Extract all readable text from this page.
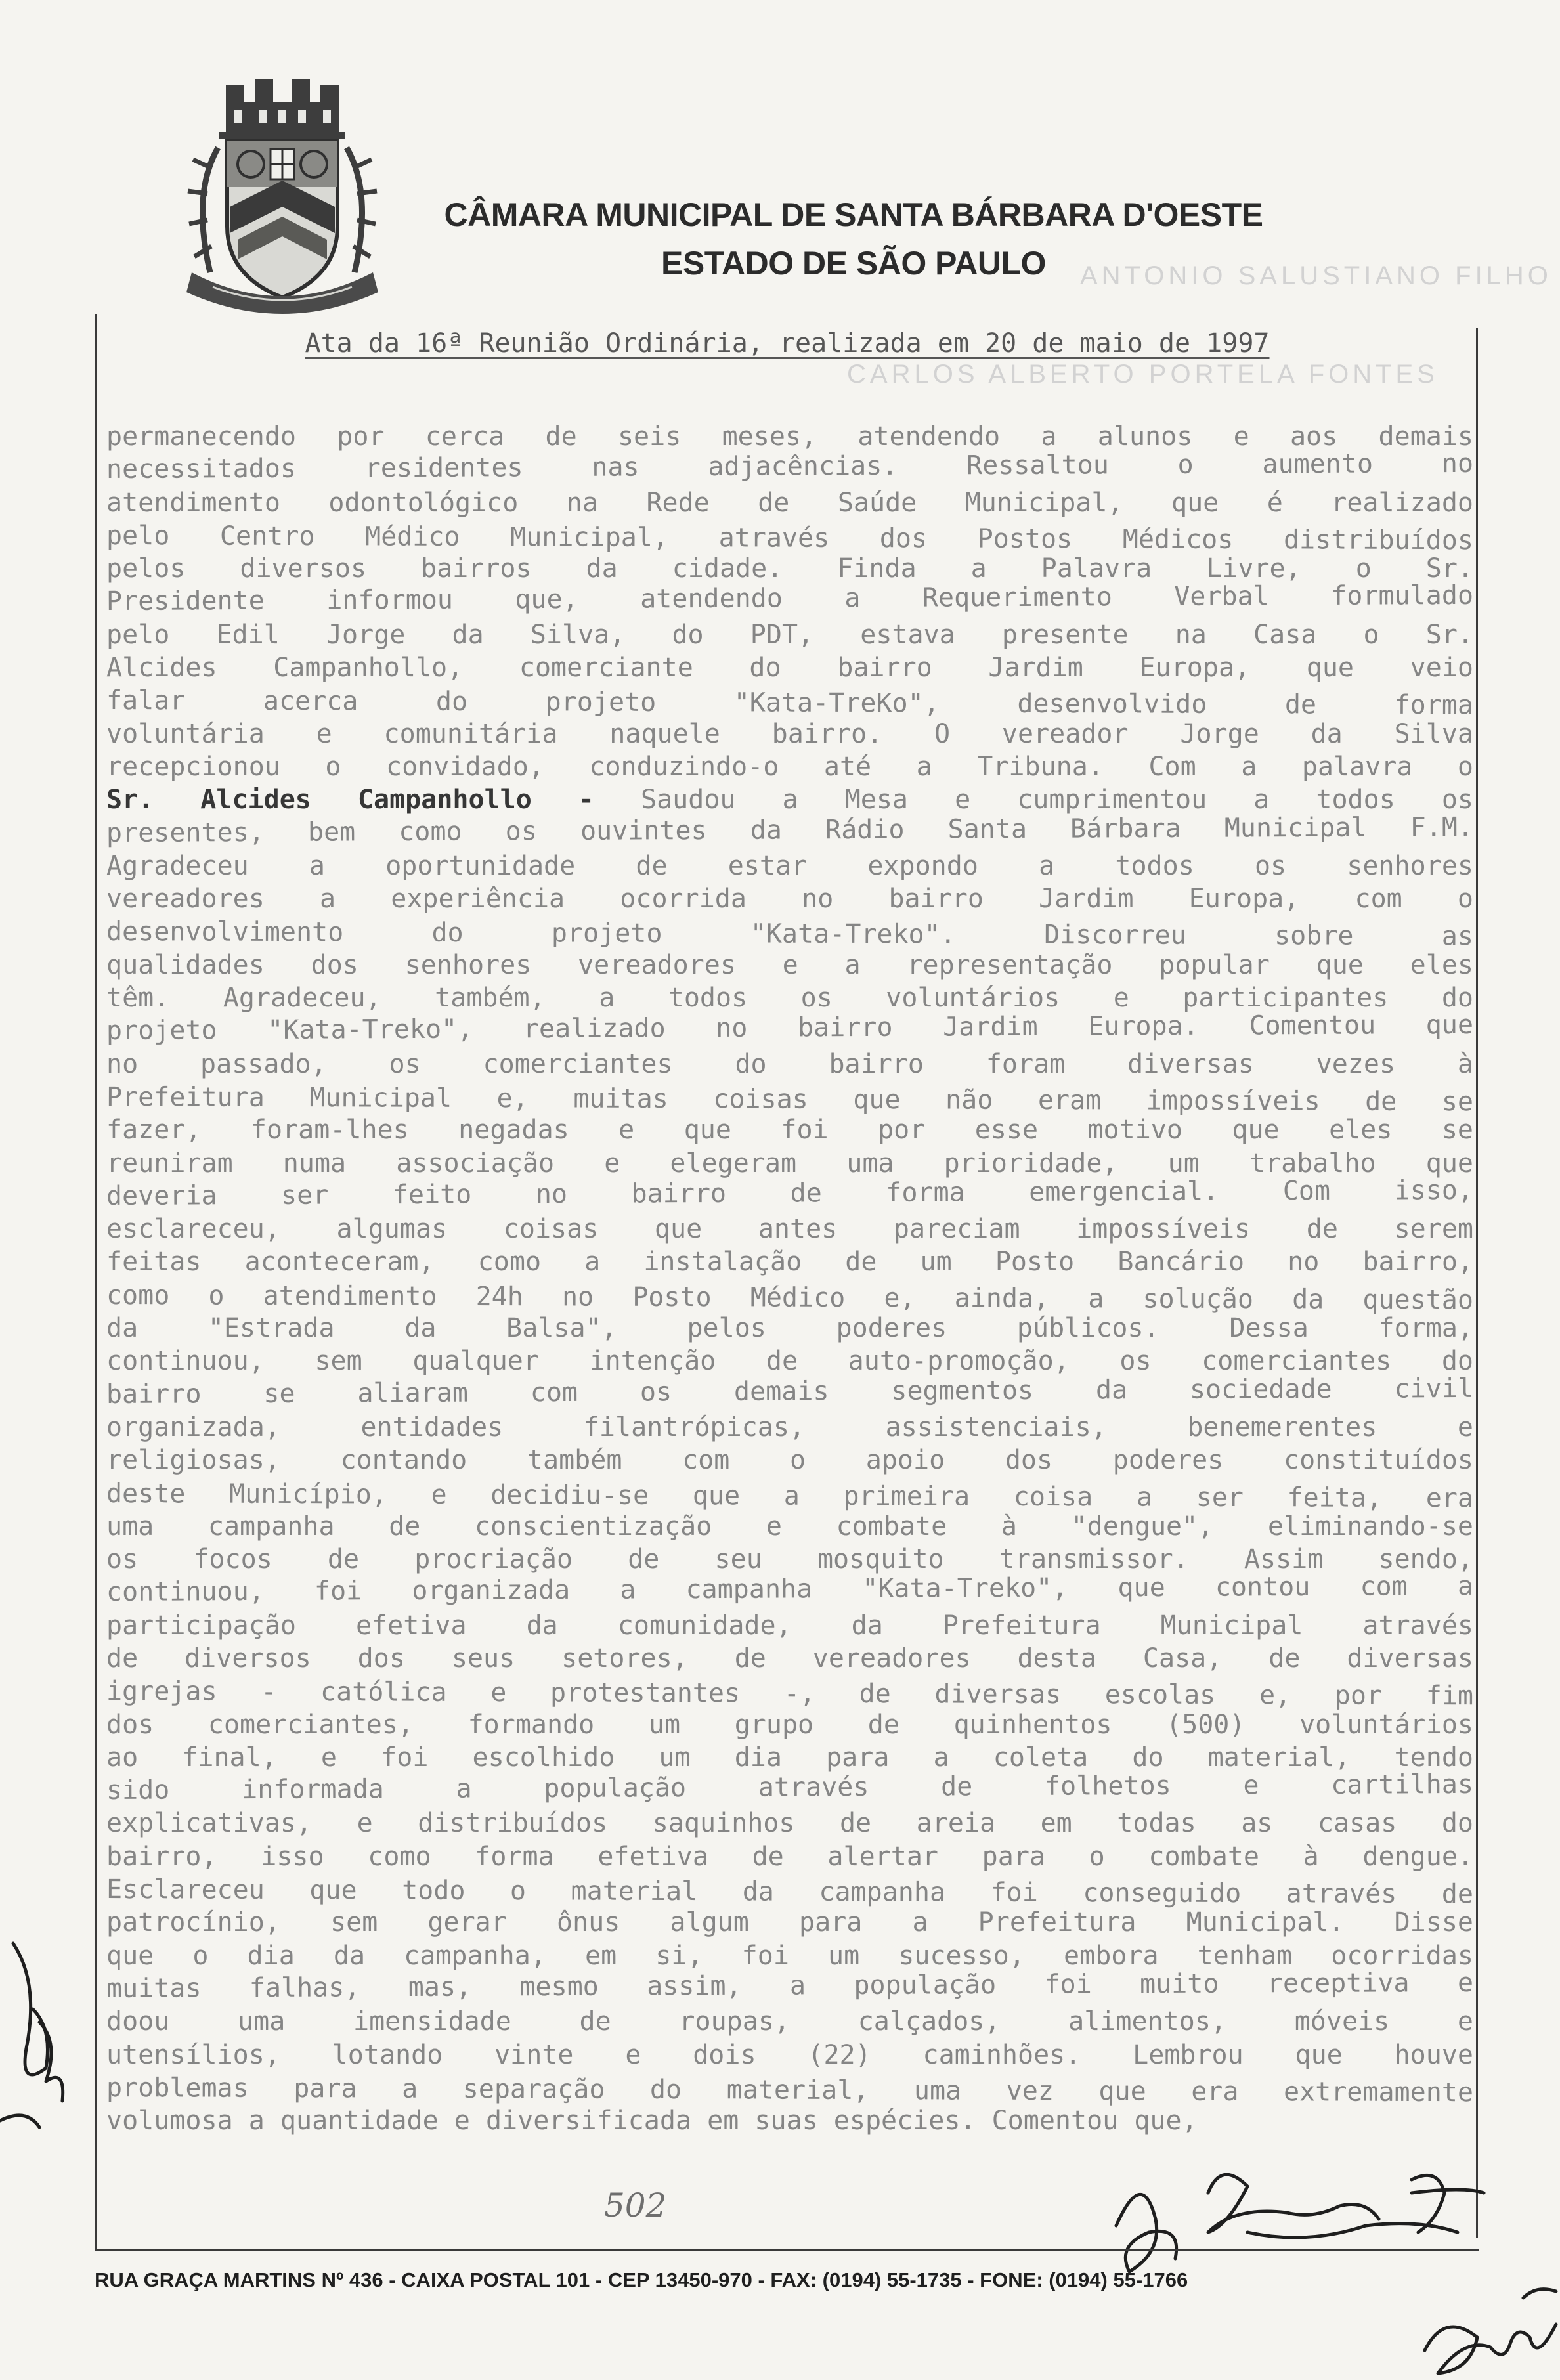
CÂMARA MUNICIPAL DE SANTA BÁRBARA D'OESTE
ESTADO DE SÃO PAULO	ANTONIO SALUSTIANO FILHO
CARLOS ALBERTO PORTELA FONTES
Ata da 16ª Reunião Ordinária, realizada em 20 de maio de 1997
permanecendo por cerca de seis meses, atendendo a alunos e aos demais
necessitados residentes nas adjacências. Ressaltou o aumento no
atendimento odontológico na Rede de Saúde Municipal, que é realizado
pelo Centro Médico Municipal, através dos Postos Médicos distribuídos
pelos diversos bairros da cidade. Finda a Palavra Livre, o Sr.
Presidente informou que, atendendo a Requerimento Verbal formulado
pelo Edil Jorge da Silva, do PDT, estava presente na Casa o Sr.
Alcides Campanhollo, comerciante do bairro Jardim Europa, que veio
falar acerca do projeto "Kata-TreKo", desenvolvido de forma
voluntária e comunitária naquele bairro. O vereador Jorge da Silva
recepcionou o convidado, conduzindo-o até a Tribuna. Com a palavra o
Sr. Alcides Campanhollo - Saudou a Mesa e cumprimentou a todos os
presentes, bem como os ouvintes da Rádio Santa Bárbara Municipal F.M.
Agradeceu a oportunidade de estar expondo a todos os senhores
vereadores a experiência ocorrida no bairro Jardim Europa, com o
desenvolvimento do projeto "Kata-Treko". Discorreu sobre as
qualidades dos senhores vereadores e a representação popular que eles
têm. Agradeceu, também, a todos os voluntários e participantes do
projeto "Kata-Treko", realizado no bairro Jardim Europa. Comentou que
no passado, os comerciantes do bairro foram diversas vezes à
Prefeitura Municipal e, muitas coisas que não eram impossíveis de se
fazer, foram-lhes negadas e que foi por esse motivo que eles se
reuniram numa associação e elegeram uma prioridade, um trabalho que
deveria ser feito no bairro de forma emergencial. Com isso,
esclareceu, algumas coisas que antes pareciam impossíveis de serem
feitas aconteceram, como a instalação de um Posto Bancário no bairro,
como o atendimento 24h no Posto Médico e, ainda, a solução da questão
da "Estrada da Balsa", pelos poderes públicos. Dessa forma,
continuou, sem qualquer intenção de auto-promoção, os comerciantes do
bairro se aliaram com os demais segmentos da sociedade civil
organizada, entidades filantrópicas, assistenciais, benemerentes e
religiosas, contando também com o apoio dos poderes constituídos
deste Município, e decidiu-se que a primeira coisa a ser feita, era
uma campanha de conscientização e combate à "dengue", eliminando-se
os focos de procriação de seu mosquito transmissor. Assim sendo,
continuou, foi organizada a campanha "Kata-Treko", que contou com a
participação efetiva da comunidade, da Prefeitura Municipal através
de diversos dos seus setores, de vereadores desta Casa, de diversas
igrejas - católica e protestantes -, de diversas escolas e, por fim
dos comerciantes, formando um grupo de quinhentos (500) voluntários
ao final, e foi escolhido um dia para a coleta do material, tendo
sido informada a população através de folhetos e cartilhas
explicativas, e distribuídos saquinhos de areia em todas as casas do
bairro, isso como forma efetiva de alertar para o combate à dengue.
Esclareceu que todo o material da campanha foi conseguido através de
patrocínio, sem gerar ônus algum para a Prefeitura Municipal. Disse
que o dia da campanha, em si, foi um sucesso, embora tenham ocorridas
muitas falhas, mas, mesmo assim, a população foi muito receptiva e
doou uma imensidade de roupas, calçados, alimentos, móveis e
utensílios, lotando vinte e dois (22) caminhões. Lembrou que houve
problemas para a separação do material, uma vez que era extremamente
volumosa a quantidade e diversificada em suas espécies. Comentou que,
502
RUA GRAÇA MARTINS Nº 436 - CAIXA POSTAL 101 - CEP 13450-970 - FAX: (0194) 55-1735 - FONE: (0194) 55-1766
